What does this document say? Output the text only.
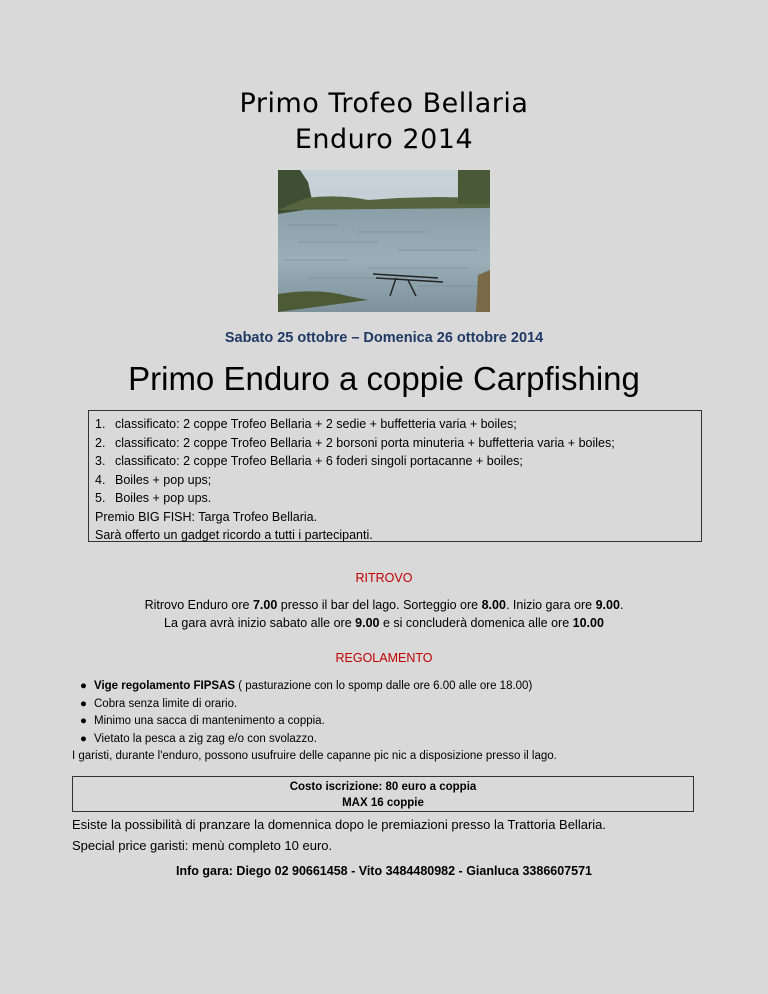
Primo Trofeo Bellaria
Enduro 2014
Sabato 25 ottobre – Domenica 26 ottobre 2014
Primo Enduro a coppie Carpfishing
1. classificato: 2 coppe Trofeo Bellaria + 2 sedie + buffetteria varia + boiles;
2. classificato: 2 coppe Trofeo Bellaria + 2 borsoni porta minuteria + buffetteria varia + boiles;
3. classificato: 2 coppe Trofeo Bellaria + 6 foderi singoli portacanne + boiles;
4. Boiles + pop ups;
5. Boiles + pop ups.
Premio BIG FISH: Targa Trofeo Bellaria.
Sarà offerto un gadget ricordo a tutti i partecipanti.
RITROVO
Ritrovo Enduro ore 7.00 presso il bar del lago. Sorteggio ore 8.00. Inizio gara ore 9.00.
La gara avrà inizio sabato alle ore 9.00 e si concluderà domenica alle ore 10.00
REGOLAMENTO
● Vige regolamento FIPSAS ( pasturazione con lo spomp dalle ore 6.00 alle ore 18.00)
● Cobra senza limite di orario.
● Minimo una sacca di mantenimento a coppia.
● Vietato la pesca a zig zag e/o con svolazzo.
I garisti, durante l'enduro, possono usufruire delle capanne pic nic a disposizione presso il lago.
Costo iscrizione: 80 euro a coppia
MAX 16 coppie
Esiste la possibilità di pranzare la domennica dopo le premiazioni presso la Trattoria Bellaria.
Special price garisti: menù completo 10 euro.
Info gara: Diego 02 90661458 - Vito 3484480982 - Gianluca 3386607571
